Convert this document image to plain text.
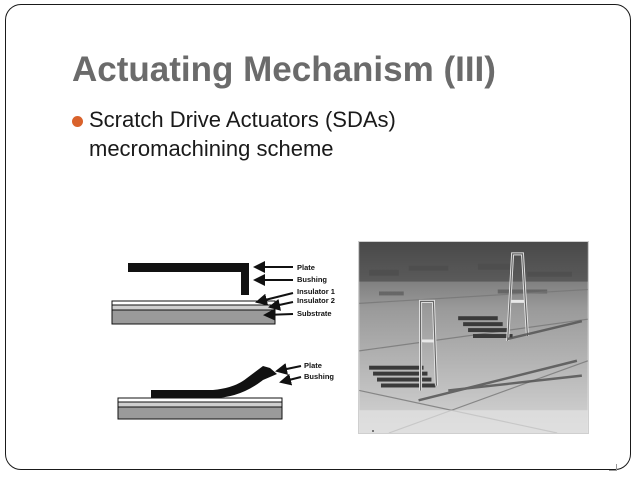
Actuating Mechanism (III)
Scratch Drive Actuators (SDAs)
mecromachining scheme
Plate
Bushing
Insulator 1
Insulator 2
Substrate
Plate
Bushing
